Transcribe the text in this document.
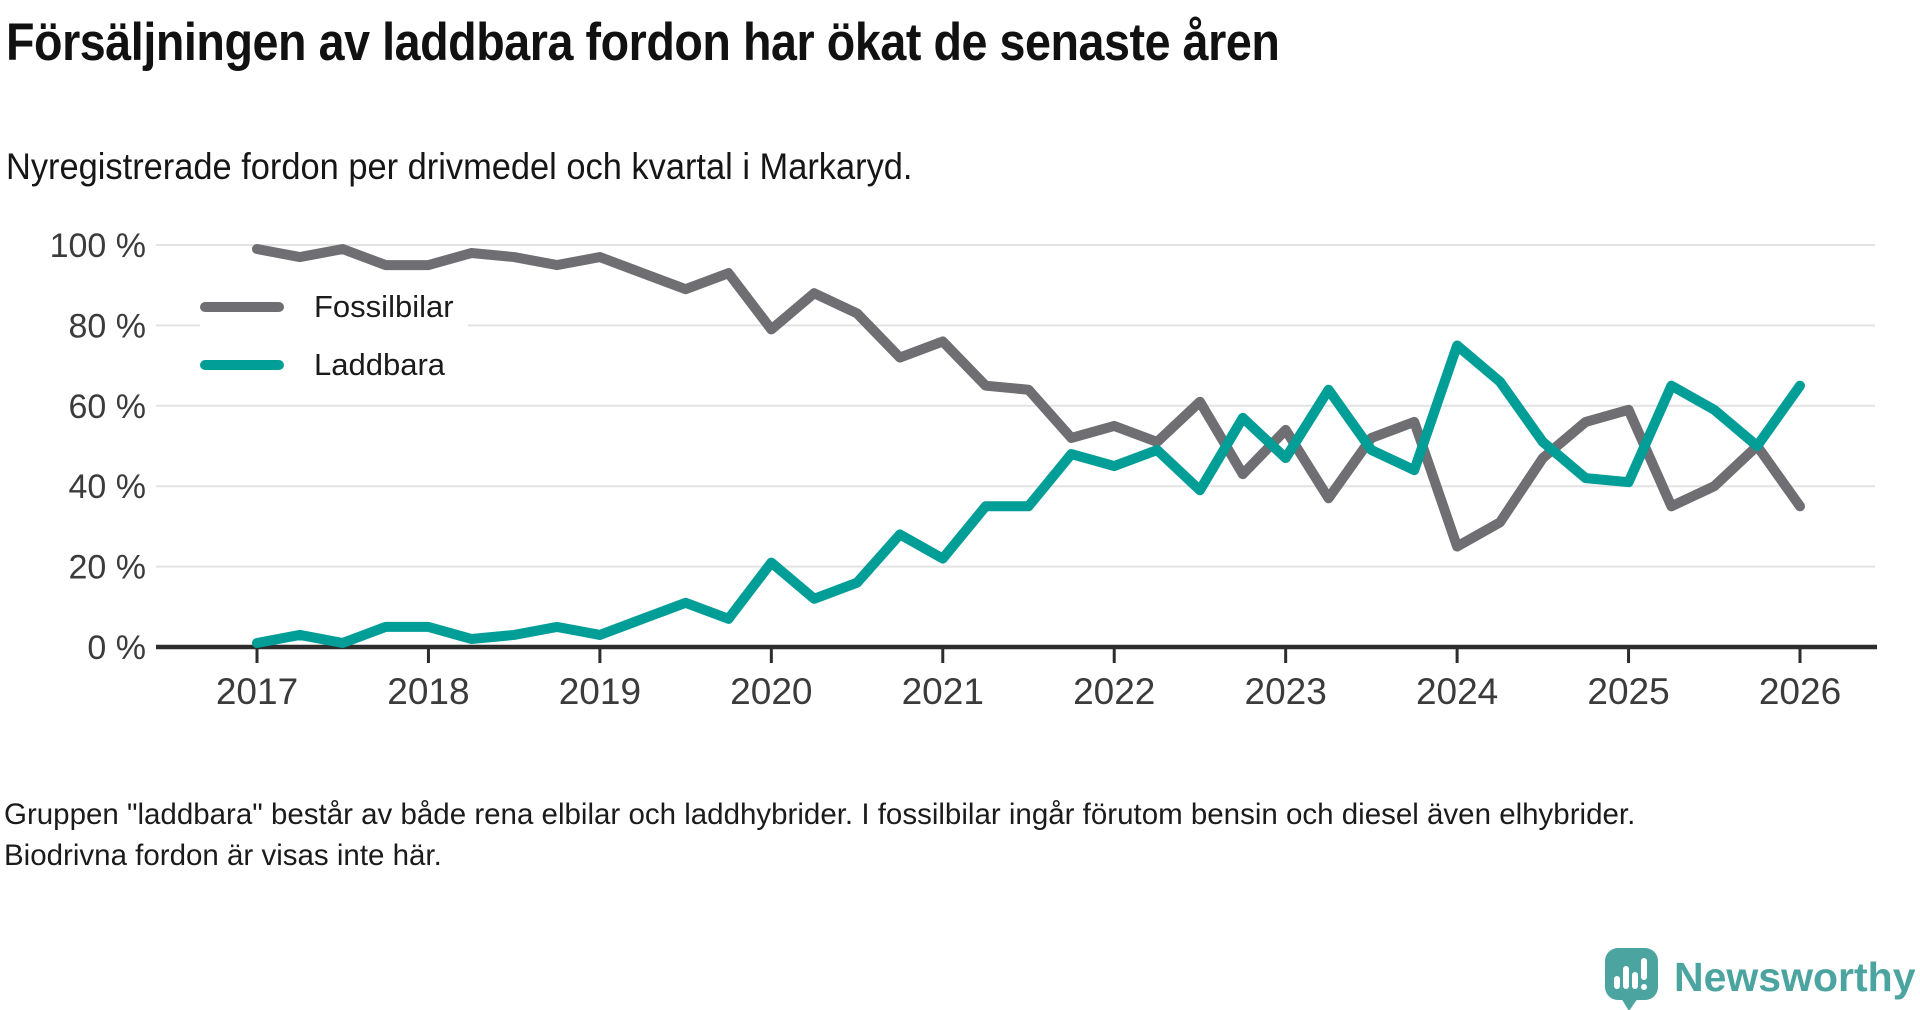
Försäljningen av laddbara fordon har ökat de senaste åren
Nyregistrerade fordon per drivmedel och kvartal i Markaryd.
0 %
20 %
40 %
60 %
80 %
100 %
2017 2018 2019 2020 2021 2022 2023 2024 2025 2026
Fossilbilar
Laddbara
Gruppen "laddbara" består av både rena elbilar och laddhybrider. I fossilbilar ingår förutom bensin och diesel även elhybrider. Biodrivna fordon är visas inte här.
Newsworthy
